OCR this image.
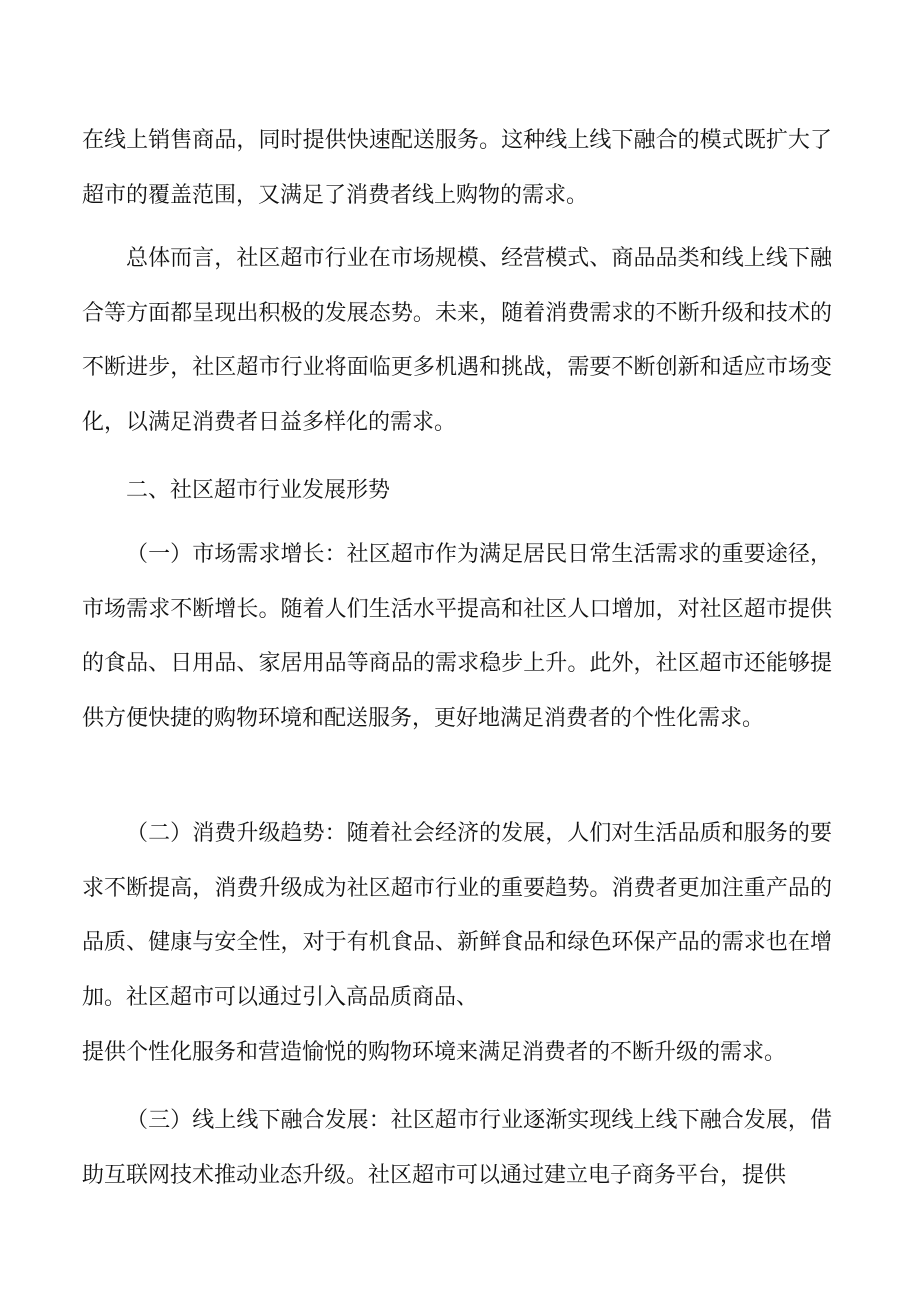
在线上销售商品，同时提供快速配送服务。这种线上线下融合的模式既扩大了超市的覆盖范围，又满足了消费者线上购物的需求。

总体而言，社区超市行业在市场规模、经营模式、商品品类和线上线下融合等方面都呈现出积极的发展态势。未来，随着消费需求的不断升级和技术的不断进步，社区超市行业将面临更多机遇和挑战，需要不断创新和适应市场变化，以满足消费者日益多样化的需求。

二、社区超市行业发展形势

（一）市场需求增长：社区超市作为满足居民日常生活需求的重要途径，市场需求不断增长。随着人们生活水平提高和社区人口增加，对社区超市提供的食品、日用品、家居用品等商品的需求稳步上升。此外，社区超市还能够提供方便快捷的购物环境和配送服务，更好地满足消费者的个性化需求。

（二）消费升级趋势：随着社会经济的发展，人们对生活品质和服务的要求不断提高，消费升级成为社区超市行业的重要趋势。消费者更加注重产品的品质、健康与安全性，对于有机食品、新鲜食品和绿色环保产品的需求也在增加。社区超市可以通过引入高品质商品、

提供个性化服务和营造愉悦的购物环境来满足消费者的不断升级的需求。

（三）线上线下融合发展：社区超市行业逐渐实现线上线下融合发展，借助互联网技术推动业态升级。社区超市可以通过建立电子商务平台，提供
